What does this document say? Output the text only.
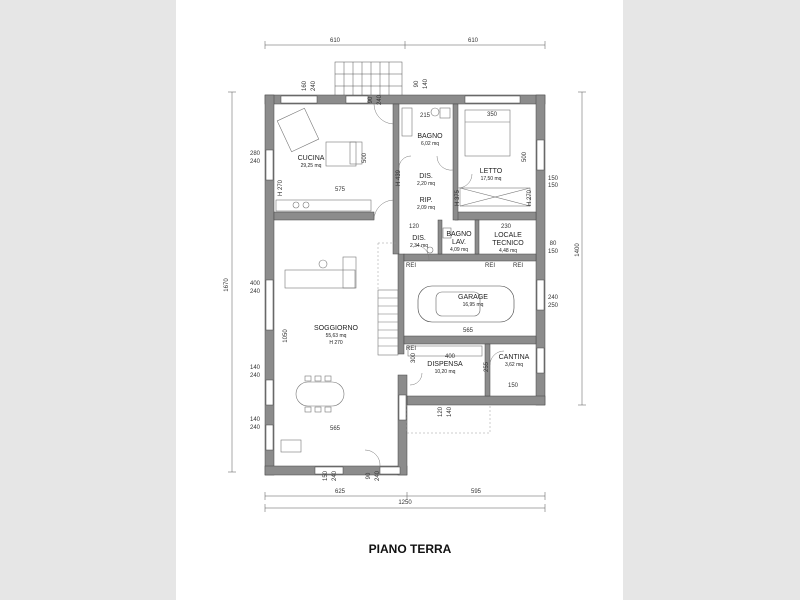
610	610
625	595
1250
1670
1400
280
240
400
240
140
240
140
240
150
150
80
150
240
250
160 240
90 240
90 140
150 240	90 240
120 140
575
565
565
1050
350
215
500
400
150
255
120	230
300
500
H 270
H 439
H 270
H 375
REI	REI	REI
REI
CUCINA
29,25 mq
BAGNO
6,02 mq
DIS.
2,20 mq
LETTO
17,50 mq
RIP.
2,09 mq
DIS.
2,34 mq
BAGNO
LAV.
4,09 mq
LOCALE
TECNICO
4,48 mq
GARAGE
16,95 mq
SOGGIORNO
55,63 mq
H 270
DISPENSA
10,20 mq
CANTINA
3,62 mq
PIANO TERRA
